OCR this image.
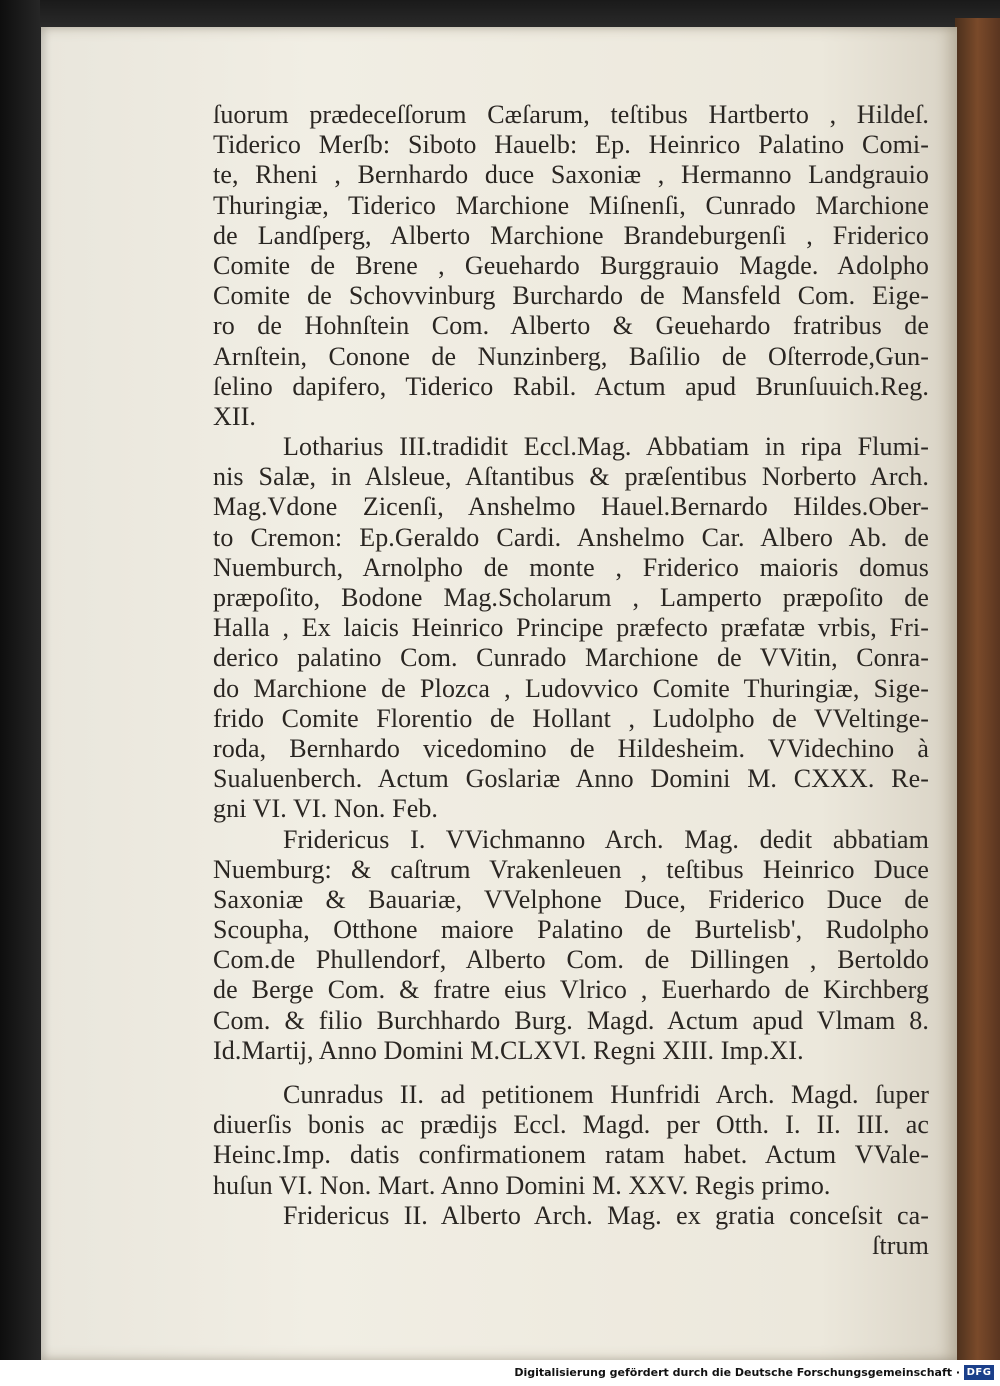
ſuorum prædeceſſorum Cæſarum, teſtibus Hartberto , Hildeſ.
Tiderico Merſb: Siboto Hauelb: Ep. Heinrico Palatino Comi-
te, Rheni , Bernhardo duce Saxoniæ , Hermanno Landgrauio
Thuringiæ, Tiderico Marchione Miſnenſi, Cunrado Marchione
de Landſperg, Alberto Marchione Brandeburgenſi , Friderico
Comite de Brene , Geuehardo Burggrauio Magde. Adolpho
Comite de Schovvinburg Burchardo de Mansfeld Com. Eige-
ro de Hohnſtein Com. Alberto & Geuehardo fratribus de
Arnſtein, Conone de Nunzinberg, Baſilio de Oſterrode,Gun-
ſelino dapifero, Tiderico Rabil. Actum apud Brunſuuich.Reg.
XII.
Lotharius III.tradidit Eccl.Mag. Abbatiam in ripa Flumi-
nis Salæ, in Alsleue, Aſtantibus & præſentibus Norberto Arch.
Mag.Vdone Zicenſi, Anshelmo Hauel.Bernardo Hildes.Ober-
to Cremon: Ep.Geraldo Cardi. Anshelmo Car. Albero Ab. de
Nuemburch, Arnolpho de monte , Friderico maioris domus
præpoſito, Bodone Mag.Scholarum , Lamperto præpoſito de
Halla , Ex laicis Heinrico Principe præfecto præfatæ vrbis, Fri-
derico palatino Com. Cunrado Marchione de VVitin, Conra-
do Marchione de Plozca , Ludovvico Comite Thuringiæ, Sige-
frido Comite Florentio de Hollant , Ludolpho de VVeltinge-
roda, Bernhardo vicedomino de Hildesheim. VVidechino à
Sualuenberch. Actum Goslariæ Anno Domini M. CXXX. Re-
gni VI. VI. Non. Feb.
Fridericus I. VVichmanno Arch. Mag. dedit abbatiam
Nuemburg: & caſtrum Vrakenleuen , teſtibus Heinrico Duce
Saxoniæ & Bauariæ, VVelphone Duce, Friderico Duce de
Scoupha, Otthone maiore Palatino de Burtelisb', Rudolpho
Com.de Phullendorf, Alberto Com. de Dillingen , Bertoldo
de Berge Com. & fratre eius Vlrico , Euerhardo de Kirchberg
Com. & filio Burchhardo Burg. Magd. Actum apud Vlmam 8.
Id.Martij, Anno Domini M.CLXVI. Regni XIII. Imp.XI.
Cunradus II. ad petitionem Hunfridi Arch. Magd. ſuper
diuerſis bonis ac prædijs Eccl. Magd. per Otth. I. II. III. ac
Heinc.Imp. datis confirmationem ratam habet. Actum VVale-
huſun VI. Non. Mart. Anno Domini M. XXV. Regis primo.
Fridericus II. Alberto Arch. Mag. ex gratia conceſsit ca-
ſtrum
Digitalisierung gefördert durch die Deutsche Forschungsgemeinschaft · DFG
